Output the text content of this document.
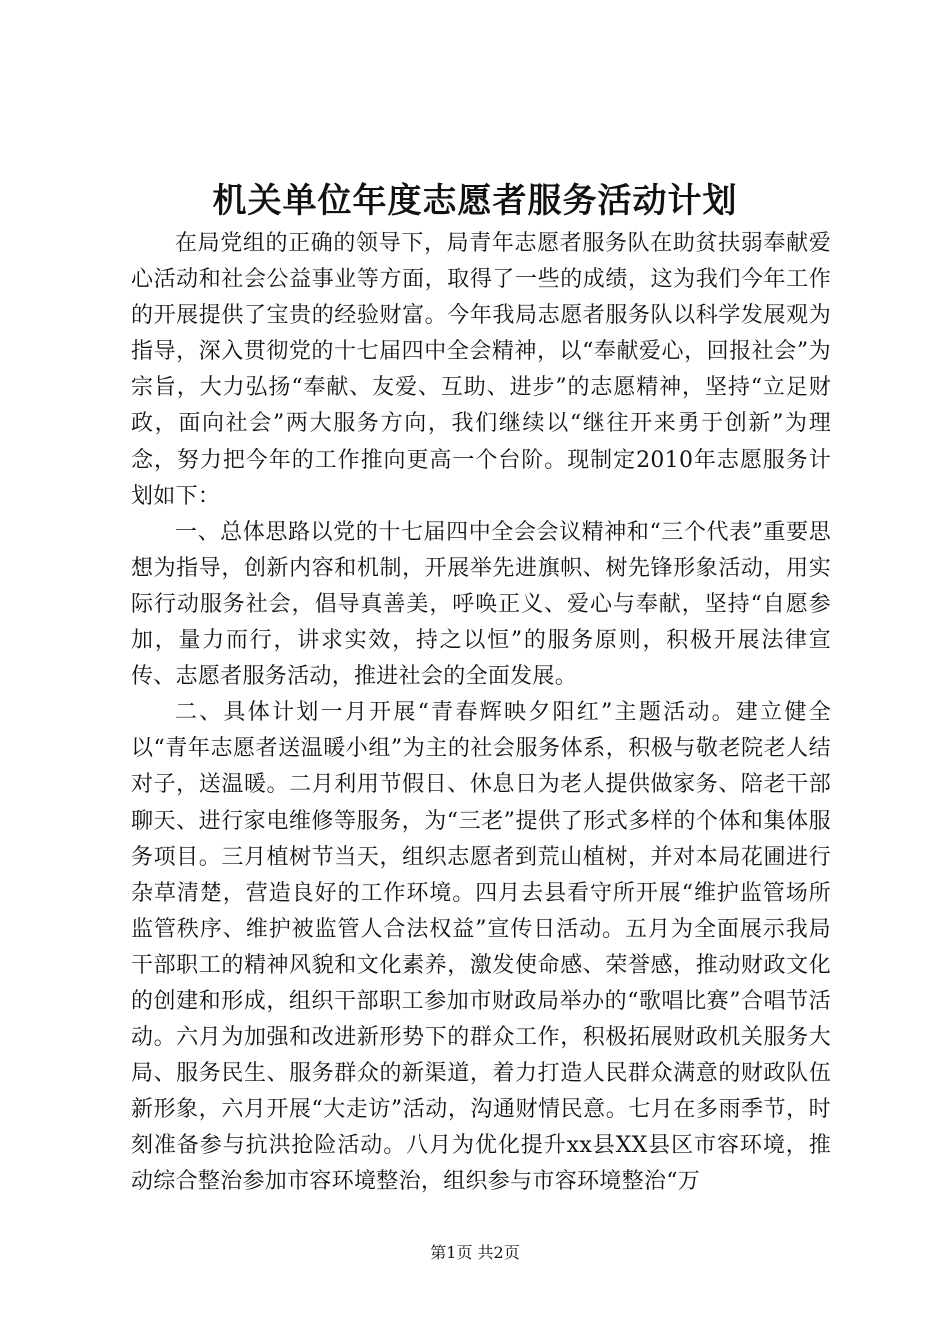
机关单位年度志愿者服务活动计划

在局党组的正确的领导下，局青年志愿者服务队在助贫扶弱奉献爱心活动和社会公益事业等方面，取得了一些的成绩，这为我们今年工作的开展提供了宝贵的经验财富。今年我局志愿者服务队以科学发展观为指导，深入贯彻党的十七届四中全会精神，以“奉献爱心，回报社会”为宗旨，大力弘扬“奉献、友爱、互助、进步”的志愿精神，坚持“立足财政，面向社会”两大服务方向，我们继续以“继往开来勇于创新”为理念，努力把今年的工作推向更高一个台阶。现制定2010年志愿服务计划如下：

一、总体思路以党的十七届四中全会会议精神和“三个代表”重要思想为指导，创新内容和机制，开展举先进旗帜、树先锋形象活动，用实际行动服务社会，倡导真善美，呼唤正义、爱心与奉献，坚持“自愿参加，量力而行，讲求实效，持之以恒”的服务原则，积极开展法律宣传、志愿者服务活动，推进社会的全面发展。

二、具体计划一月开展“青春辉映夕阳红”主题活动。建立健全以“青年志愿者送温暖小组”为主的社会服务体系，积极与敬老院老人结对子，送温暖。二月利用节假日、休息日为老人提供做家务、陪老干部聊天、进行家电维修等服务，为“三老”提供了形式多样的个体和集体服务项目。三月植树节当天，组织志愿者到荒山植树，并对本局花圃进行杂草清楚，营造良好的工作环境。四月去县看守所开展“维护监管场所监管秩序、维护被监管人合法权益”宣传日活动。五月为全面展示我局干部职工的精神风貌和文化素养，激发使命感、荣誉感，推动财政文化的创建和形成，组织干部职工参加市财政局举办的“歌唱比赛”合唱节活动。六月为加强和改进新形势下的群众工作，积极拓展财政机关服务大局、服务民生、服务群众的新渠道，着力打造人民群众满意的财政队伍新形象，六月开展“大走访”活动，沟通财情民意。七月在多雨季节，时刻准备参与抗洪抢险活动。八月为优化提升xx县XX县区市容环境，推动综合整治参加市容环境整治，组织参与市容环境整治“万

第1页 共2页
